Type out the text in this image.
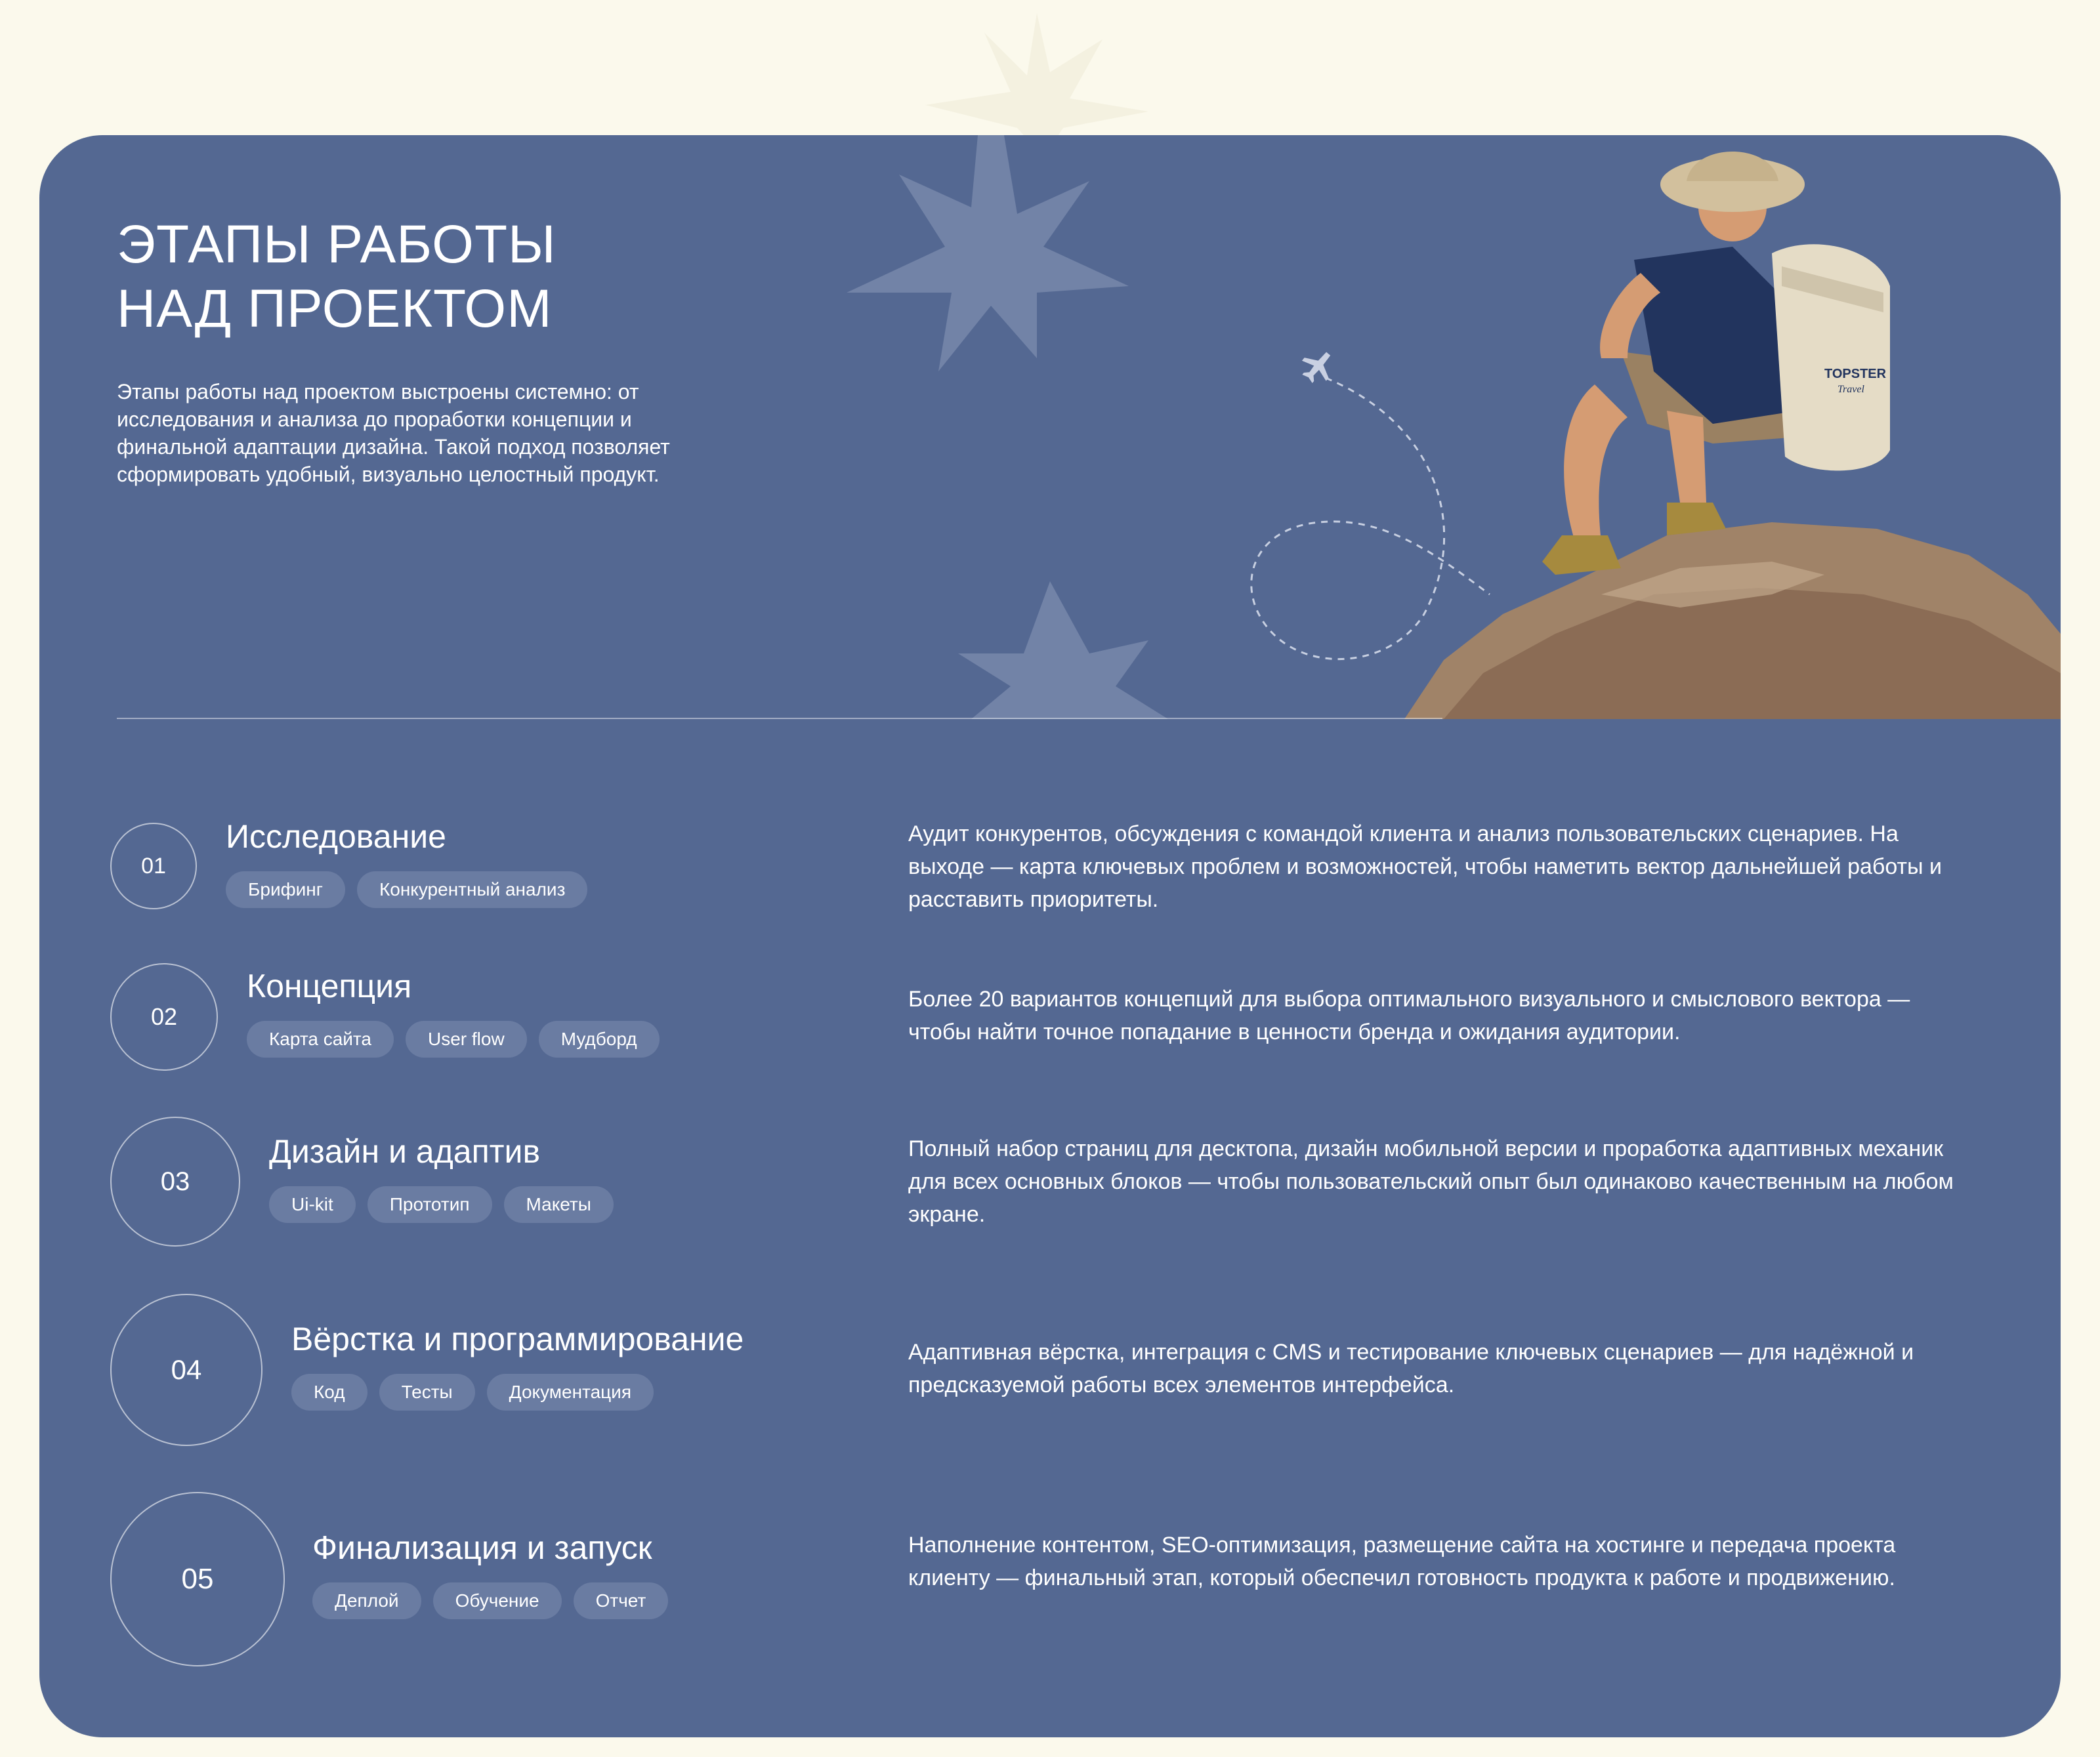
ЭТАПЫ РАБОТЫ
НАД ПРОЕКТОМ

Этапы работы над проектом выстроены системно: от исследования и анализа до проработки концепции и финальной адаптации дизайна. Такой подход позволяет сформировать удобный, визуально целостный продукт.

TOPSTER
Travel
01
Исследование
Брифинг	Конкурентный анализ

Аудит конкурентов, обсуждения с командой клиента и анализ пользовательских сценариев. На выходе — карта ключевых проблем и возможностей, чтобы наметить вектор дальнейшей работы и расставить приоритеты.

02
Концепция
Карта сайта	User flow	Мудборд

Более 20 вариантов концепций для выбора оптимального визуального и смыслового вектора — чтобы найти точное попадание в ценности бренда и ожидания аудитории.

03
Дизайн и адаптив
Ui-kit	Прототип	Макеты

Полный набор страниц для десктопа, дизайн мобильной версии и проработка адаптивных механик для всех основных блоков — чтобы пользовательский опыт был одинаково качественным на любом экране.

04
Вёрстка и программирование
Код	Тесты	Документация

Адаптивная вёрстка, интеграция с CMS и тестирование ключевых сценариев — для надёжной и предсказуемой работы всех элементов интерфейса.

05
Финализация и запуск
Деплой	Обучение	Отчет

Наполнение контентом, SEO-оптимизация, размещение сайта на хостинге и передача проекта клиенту — финальный этап, который обеспечил готовность продукта к работе и продвижению.
